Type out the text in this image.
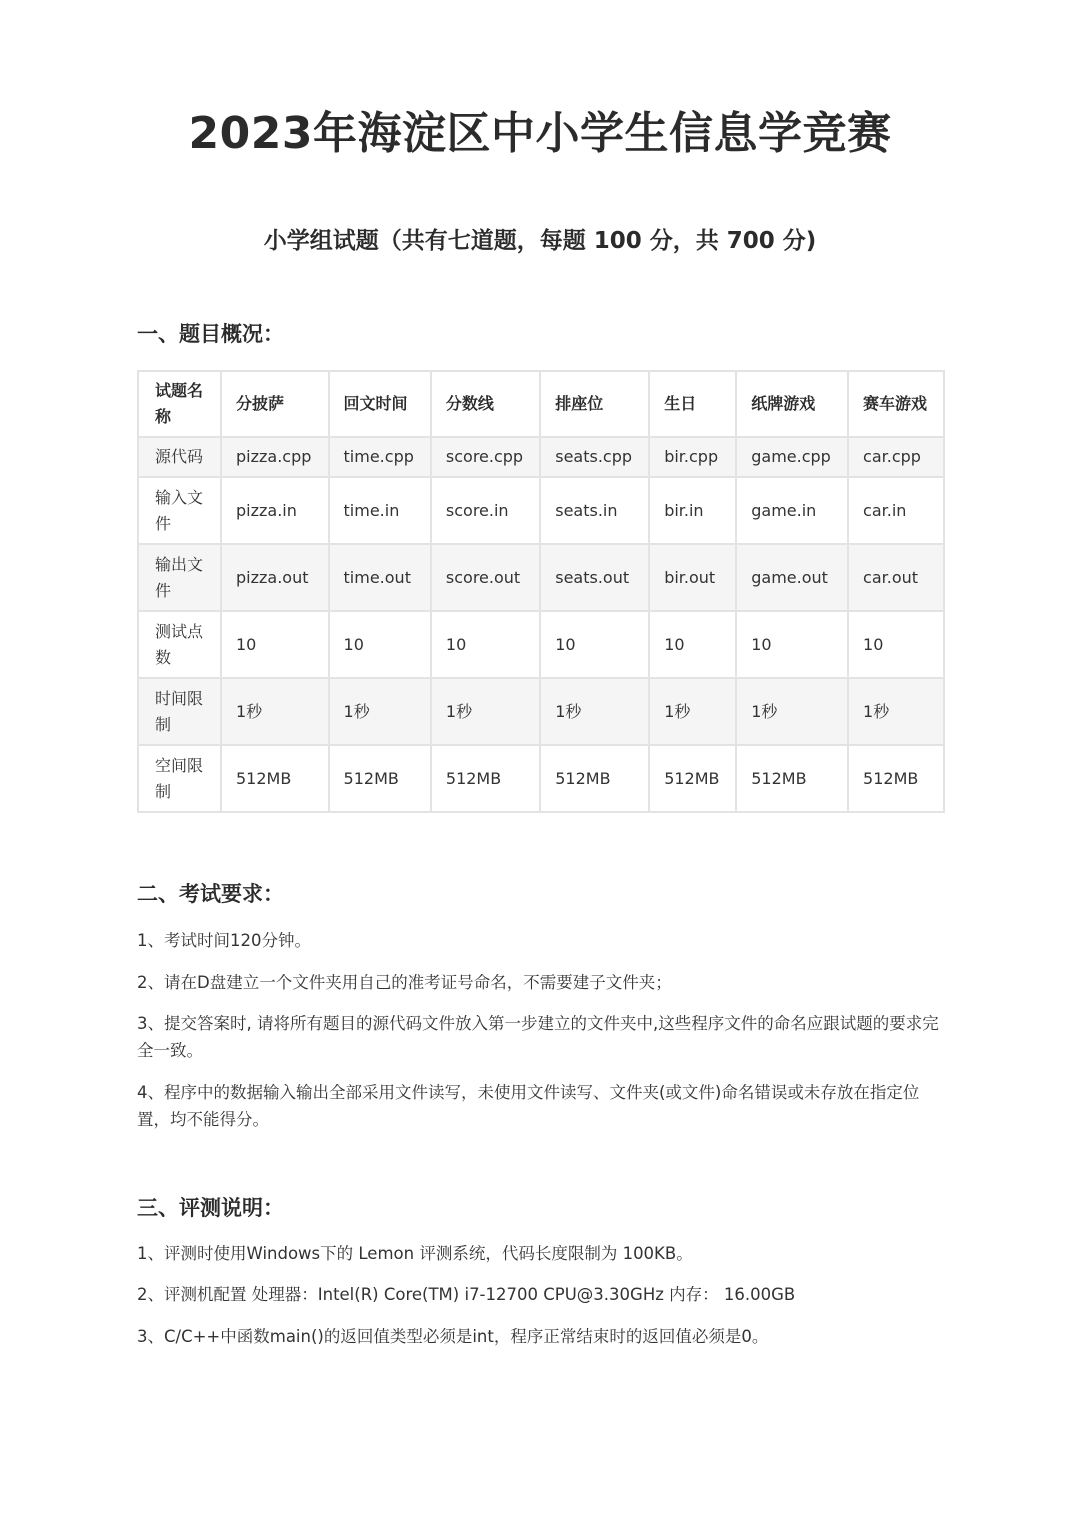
2023年海淀区中小学生信息学竞赛
小学组试题（共有七道题，每题 100 分，共 700 分)
一、题目概况：
试题名称	分披萨	回文时间	分数线	排座位	生日	纸牌游戏	赛车游戏
源代码	pizza.cpp	time.cpp	score.cpp	seats.cpp	bir.cpp	game.cpp	car.cpp
输入文件	pizza.in	time.in	score.in	seats.in	bir.in	game.in	car.in
输出文件	pizza.out	time.out	score.out	seats.out	bir.out	game.out	car.out
测试点数	10	10	10	10	10	10	10
时间限制	1秒	1秒	1秒	1秒	1秒	1秒	1秒
空间限制	512MB	512MB	512MB	512MB	512MB	512MB	512MB
二、考试要求：
1、考试时间120分钟。
2、请在D盘建立一个文件夹用自己的准考证号命名，不需要建子文件夹；
3、提交答案时, 请将所有题目的源代码文件放入第一步建立的文件夹中,这些程序文件的命名应跟试题的要求完全一致。
4、程序中的数据输入输出全部采用文件读写，未使用文件读写、文件夹(或文件)命名错误或未存放在指定位置，均不能得分。
三、评测说明：
1、评测时使用Windows下的 Lemon 评测系统，代码长度限制为 100KB。
2、评测机配置 处理器：Intel(R) Core(TM) i7-12700 CPU@3.30GHz 内存： 16.00GB
3、C/C++中函数main()的返回值类型必须是int，程序正常结束时的返回值必须是0。
